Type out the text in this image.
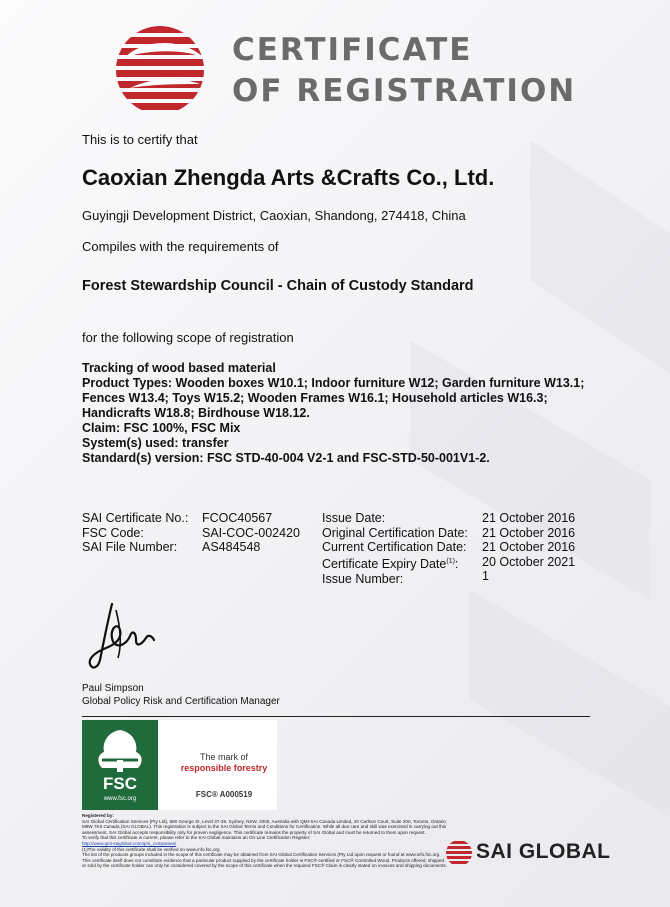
CERTIFICATE
OF REGISTRATION
This is to certify that
Caoxian Zhengda Arts &Crafts Co., Ltd.
Guyingji Development District, Caoxian, Shandong, 274418, China
Compiles with the requirements of
Forest Stewardship Council - Chain of Custody Standard
for the following scope of registration
Tracking of wood based material
Product Types: Wooden boxes W10.1; Indoor furniture W12; Garden furniture W13.1;
Fences W13.4; Toys W15.2; Wooden Frames W16.1; Household articles W16.3;
Handicrafts W18.8; Birdhouse W18.12.
Claim: FSC 100%, FSC Mix
System(s) used: transfer
Standard(s) version: FSC STD-40-004 V2-1 and FSC-STD-50-001V1-2.
SAI Certificate No.:
FSC Code:
SAI File Number:
FCOC40567
SAI-COC-002420
AS484548
Issue Date:
Original Certification Date:
Current Certification Date:
Certificate Expiry Date$^{(1)}$:
Issue Number:
21 October 2016
21 October 2016
21 October 2016
20 October 2021
1
Paul Simpson
Global Policy Risk and Certification Manager
FSC
www.fsc.org
The mark of
responsible forestry
FSC® A000519
Registered by:
SAI Global Certification Services (Pty Ltd), 680 George St, Level 37-38, Sydney, NSW, 2000, Australia with QMI-SAI Canada Limited, 20 Carlson Court, Suite 200, Toronto, Ontario M9W 7K6 Canada (SAI GLOBAL). This registration is subject to the SAI Global Terms and Conditions for Certification. While all due care and skill was exercised in carrying out this assessment, SAI Global accepts responsibility only for proven negligence. This certificate remains the property of SAI Global and must be returned to them upon request.
To verify that this certificate is current, please refer to the SAI Global maintains an On-Line Certification Register:
http://www.qmi-saiglobal.com/qmi_companies/
(1)The validity of this certificate shall be verified on www.info.fsc.org
The list of the products groups included in the scope of this certificate may be obtained from SAI Global Certification Services (Pty Ltd upon request or found at www.info.fsc.org. This certificate itself does not constitute evidence that a particular product supplied by the certificate holder is FSC®-certified or FSC® Controlled Wood. Products offered, shipped or sold by the certificate holder can only be considered covered by the scope of this certificate when the required FSC® Claim is clearly stated on invoices and shipping documents.
SAI GLOBAL
